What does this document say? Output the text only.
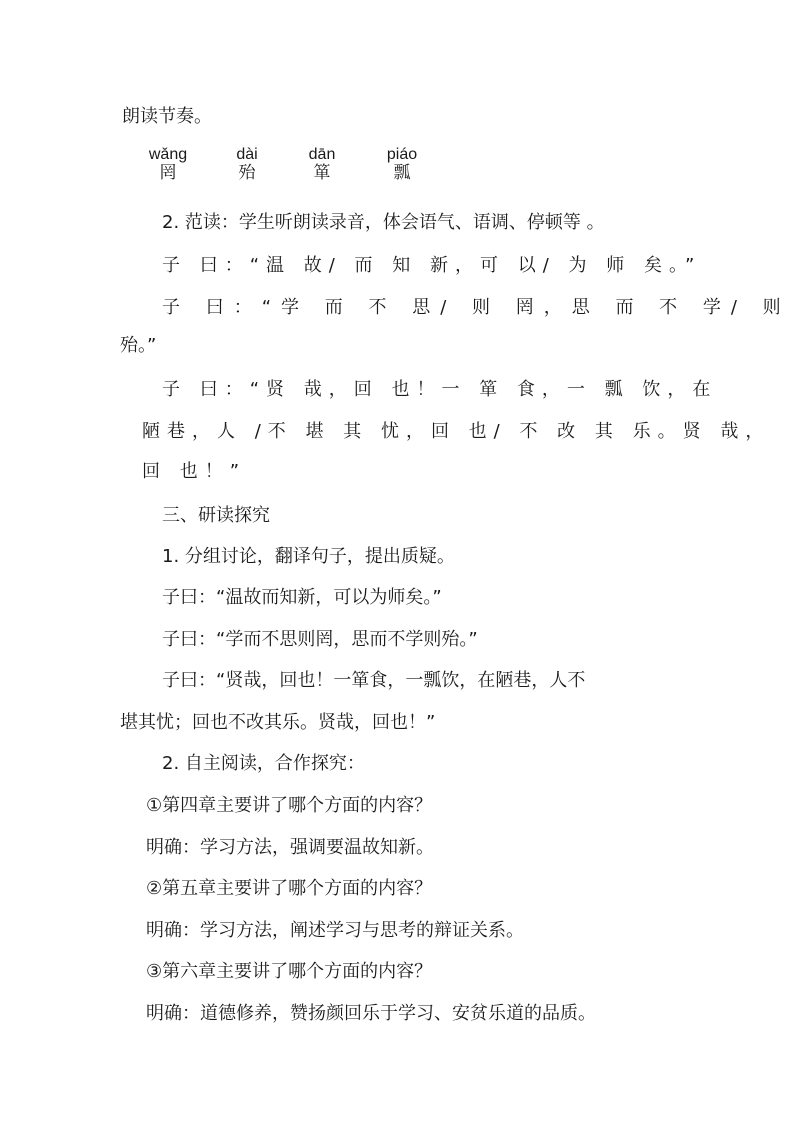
朗读节奏。
wǎng
罔
dài
殆
dān
箪
piáo
瓢
2. 范读：学生听朗读录音，体会语气、语调、停顿等 。
子 曰：“温 故/ 而 知 新，可 以/ 为 师 矣。”
子 曰：“学 而 不 思/ 则 罔，思 而 不 学/ 则
殆。”
子 曰：“贤 哉，回 也！一 箪 食，一 瓢 饮，在
陋巷，人 /不 堪 其 忧，回 也/ 不 改 其 乐。贤 哉，
回 也！”
三、研读探究
1. 分组讨论，翻译句子，提出质疑。
子曰：“温故而知新，可以为师矣。”
子曰：“学而不思则罔，思而不学则殆。”
子曰：“贤哉，回也！一箪食，一瓢饮，在陋巷，人不
堪其忧；回也不改其乐。贤哉，回也！”
2. 自主阅读，合作探究：
①第四章主要讲了哪个方面的内容？
明确：学习方法，强调要温故知新。
②第五章主要讲了哪个方面的内容？
明确：学习方法，阐述学习与思考的辩证关系。
③第六章主要讲了哪个方面的内容？
明确：道德修养，赞扬颜回乐于学习、安贫乐道的品质。
